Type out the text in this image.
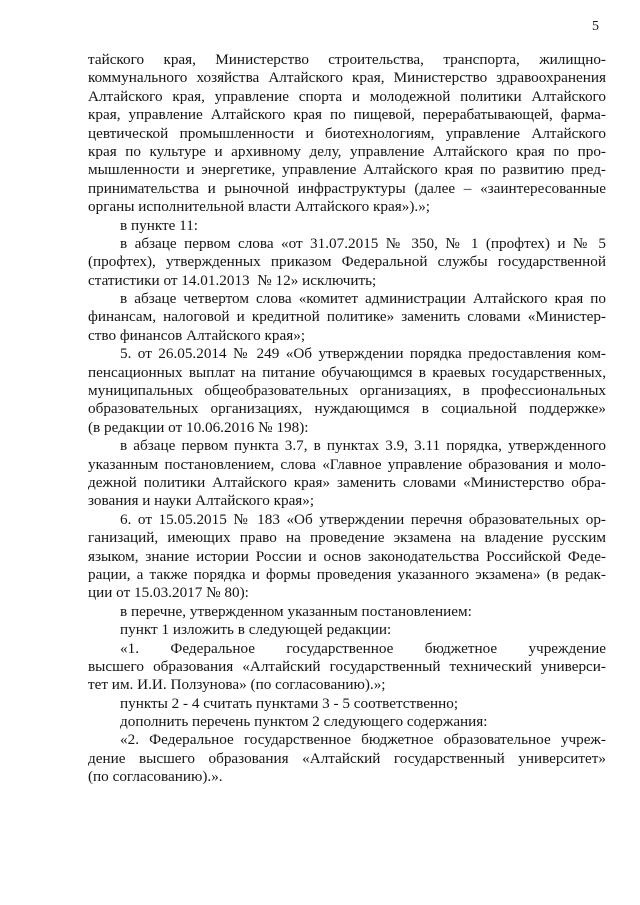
5
тайского края, Министерство строительства, транспорта, жилищно-
коммунального хозяйства Алтайского края, Министерство здравоохранения
Алтайского края, управление спорта и молодежной политики Алтайского
края, управление Алтайского края по пищевой, перерабатывающей, фарма-
цевтической промышленности и биотехнологиям, управление Алтайского
края по культуре и архивному делу, управление Алтайского края по про-
мышленности и энергетике, управление Алтайского края по развитию пред-
принимательства и рыночной инфраструктуры (далее – «заинтересованные
органы исполнительной власти Алтайского края»).»;
в пункте 11:
в абзаце первом слова «от 31.07.2015 № 350, № 1 (профтех) и № 5
(профтех), утвержденных приказом Федеральной службы государственной
статистики от 14.01.2013  № 12» исключить;
в абзаце четвертом слова «комитет администрации Алтайского края по
финансам, налоговой и кредитной политике» заменить словами «Министер-
ство финансов Алтайского края»;
5. от 26.05.2014 № 249 «Об утверждении порядка предоставления ком-
пенсационных выплат на питание обучающимся в краевых государственных,
муниципальных общеобразовательных организациях, в профессиональных
образовательных организациях, нуждающимся в социальной поддержке»
(в редакции от 10.06.2016 № 198):
в абзаце первом пункта 3.7, в пунктах 3.9, 3.11 порядка, утвержденного
указанным постановлением, слова «Главное управление образования и моло-
дежной политики Алтайского края» заменить словами «Министерство обра-
зования и науки Алтайского края»;
6. от 15.05.2015 № 183 «Об утверждении перечня образовательных ор-
ганизаций, имеющих право на проведение экзамена на владение русским
языком, знание истории России и основ законодательства Российской Феде-
рации, а также порядка и формы проведения указанного экзамена» (в редак-
ции от 15.03.2017 № 80):
в перечне, утвержденном указанным постановлением:
пункт 1 изложить в следующей редакции:
«1. Федеральное государственное бюджетное учреждение
высшего образования «Алтайский государственный технический универси-
тет им. И.И. Ползунова» (по согласованию).»;
пункты 2 - 4 считать пунктами 3 - 5 соответственно;
дополнить перечень пунктом 2 следующего содержания:
«2. Федеральное государственное бюджетное образовательное учреж-
дение высшего образования «Алтайский государственный университет»
(по согласованию).».
